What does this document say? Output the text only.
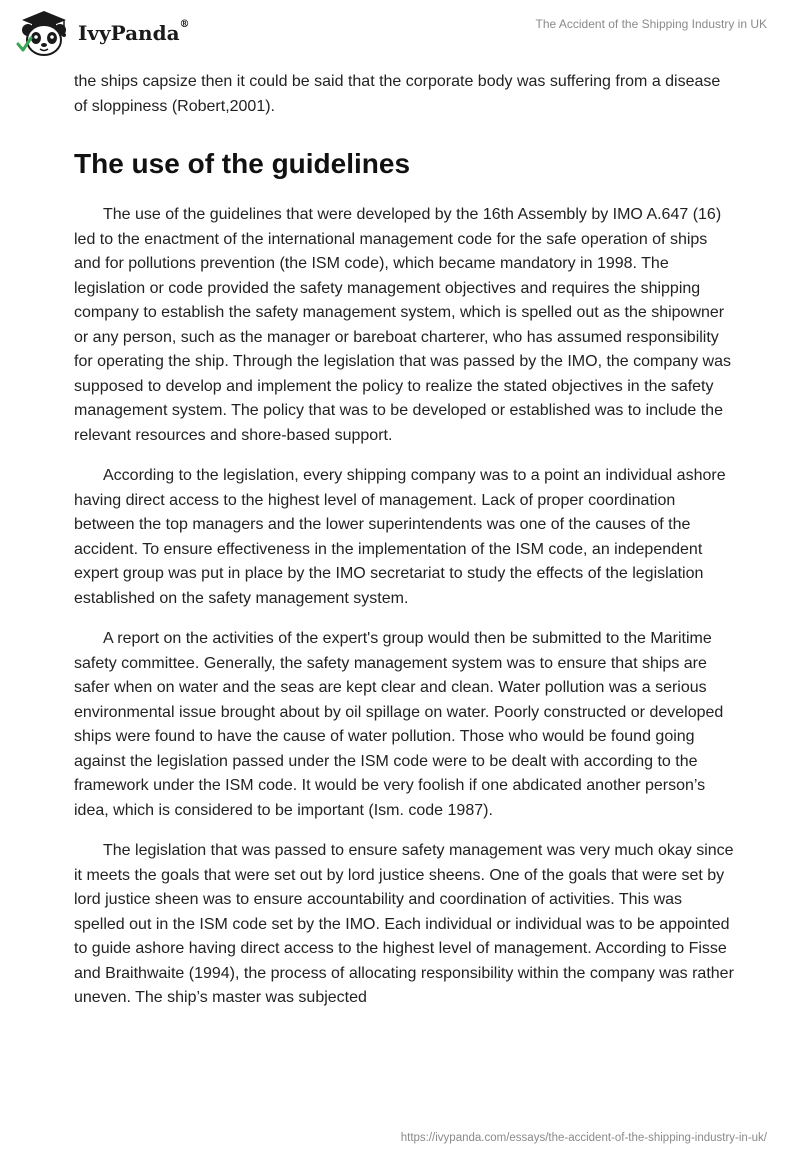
IvyPanda®	The Accident of the Shipping Industry in UK

the ships capsize then it could be said that the corporate body was suffering from a disease of sloppiness (Robert,2001).

The use of the guidelines

The use of the guidelines that were developed by the 16th Assembly by IMO A.647 (16) led to the enactment of the international management code for the safe operation of ships and for pollutions prevention (the ISM code), which became mandatory in 1998. The legislation or code provided the safety management objectives and requires the shipping company to establish the safety management system, which is spelled out as the shipowner or any person, such as the manager or bareboat charterer, who has assumed responsibility for operating the ship. Through the legislation that was passed by the IMO, the company was supposed to develop and implement the policy to realize the stated objectives in the safety management system. The policy that was to be developed or established was to include the relevant resources and shore-based support.

According to the legislation, every shipping company was to a point an individual ashore having direct access to the highest level of management. Lack of proper coordination between the top managers and the lower superintendents was one of the causes of the accident. To ensure effectiveness in the implementation of the ISM code, an independent expert group was put in place by the IMO secretariat to study the effects of the legislation established on the safety management system.

A report on the activities of the expert's group would then be submitted to the Maritime safety committee. Generally, the safety management system was to ensure that ships are safer when on water and the seas are kept clear and clean. Water pollution was a serious environmental issue brought about by oil spillage on water. Poorly constructed or developed ships were found to have the cause of water pollution. Those who would be found going against the legislation passed under the ISM code were to be dealt with according to the framework under the ISM code. It would be very foolish if one abdicated another person’s idea, which is considered to be important (Ism. code 1987).

The legislation that was passed to ensure safety management was very much okay since it meets the goals that were set out by lord justice sheens. One of the goals that were set by lord justice sheen was to ensure accountability and coordination of activities. This was spelled out in the ISM code set by the IMO. Each individual or individual was to be appointed to guide ashore having direct access to the highest level of management. According to Fisse and Braithwaite (1994), the process of allocating responsibility within the company was rather uneven. The ship’s master was subjected

https://ivypanda.com/essays/the-accident-of-the-shipping-industry-in-uk/
